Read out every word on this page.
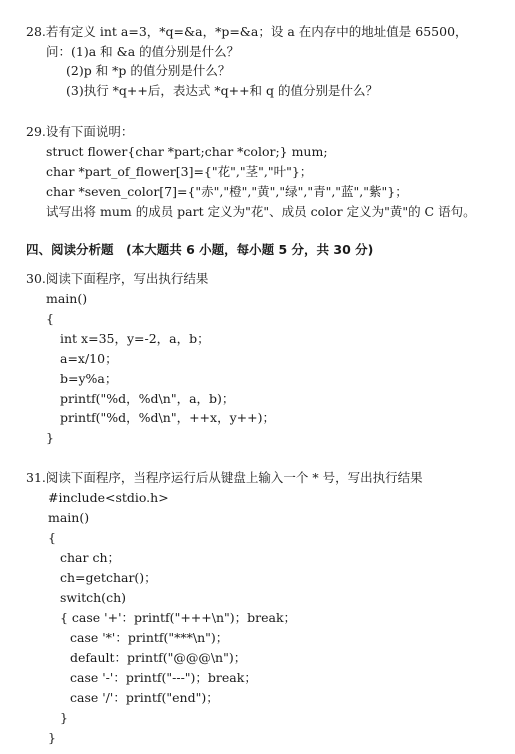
28.若有定义 int a=3，*q=&a，*p=&a；设 a 在内存中的地址值是 65500，
问：(1)a 和 &a 的值分别是什么？
(2)p 和 *p 的值分别是什么？
(3)执行 *q++后，表达式 *q++和 q 的值分别是什么？
29.设有下面说明：
struct flower{char *part;char *color;} mum;
char *part_of_flower[3]={"花","茎","叶"}；
char *seven_color[7]={"赤","橙","黄","绿","青","蓝","紫"}；
试写出将 mum 的成员 part 定义为"花"、成员 color 定义为"黄"的 C 语句。
四、阅读分析题　(本大题共 6 小题，每小题 5 分，共 30 分)
30.阅读下面程序，写出执行结果
main()
{
int x=35，y=-2，a，b；
a=x/10；
b=y%a；
printf("%d，%d\n"，a，b)；
printf("%d，%d\n"，++x，y++)；
}
31.阅读下面程序，当程序运行后从键盘上输入一个 * 号，写出执行结果
#include<stdio.h>
main()
{
char ch；
ch=getchar()；
switch(ch)
{ case '+'：printf("+++\n")；break；
case '*'：printf("***\n")；
default：printf("@@@\n")；
case '-'：printf("---")；break；
case '/'：printf("end")；
}
}
